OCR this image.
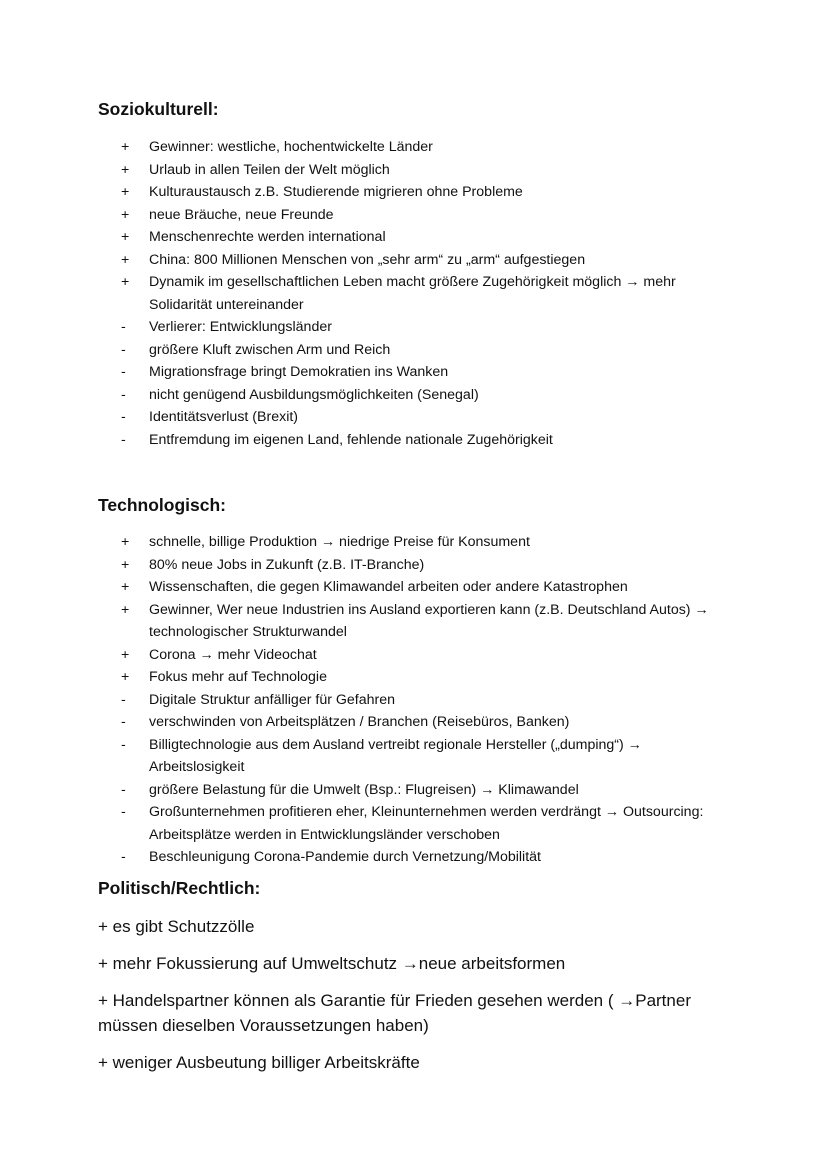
Soziokulturell:
+	Gewinner: westliche, hochentwickelte Länder
+	Urlaub in allen Teilen der Welt möglich
+	Kulturaustausch z.B. Studierende migrieren ohne Probleme
+	neue Bräuche, neue Freunde
+	Menschenrechte werden international
+	China: 800 Millionen Menschen von „sehr arm“ zu „arm“ aufgestiegen
+	Dynamik im gesellschaftlichen Leben macht größere Zugehörigkeit möglich → mehr Solidarität untereinander
-	Verlierer: Entwicklungsländer
-	größere Kluft zwischen Arm und Reich
-	Migrationsfrage bringt Demokratien ins Wanken
-	nicht genügend Ausbildungsmöglichkeiten (Senegal)
-	Identitätsverlust (Brexit)
-	Entfremdung im eigenen Land, fehlende nationale Zugehörigkeit
Technologisch:
+	schnelle, billige Produktion → niedrige Preise für Konsument
+	80% neue Jobs in Zukunft (z.B. IT-Branche)
+	Wissenschaften, die gegen Klimawandel arbeiten oder andere Katastrophen
+	Gewinner, Wer neue Industrien ins Ausland exportieren kann (z.B. Deutschland Autos) → technologischer Strukturwandel
+	Corona → mehr Videochat
+	Fokus mehr auf Technologie
-	Digitale Struktur anfälliger für Gefahren
-	verschwinden von Arbeitsplätzen / Branchen (Reisebüros, Banken)
-	Billigtechnologie aus dem Ausland vertreibt regionale Hersteller („dumping“) → Arbeitslosigkeit
-	größere Belastung für die Umwelt (Bsp.: Flugreisen) → Klimawandel
-	Großunternehmen profitieren eher, Kleinunternehmen werden verdrängt → Outsourcing: Arbeitsplätze werden in Entwicklungsländer verschoben
-	Beschleunigung Corona-Pandemie durch Vernetzung/Mobilität
Politisch/Rechtlich:
+ es gibt Schutzzölle
+ mehr Fokussierung auf Umweltschutz →neue arbeitsformen
+ Handelspartner können als Garantie für Frieden gesehen werden ( →Partner müssen dieselben Voraussetzungen haben)
+ weniger Ausbeutung billiger Arbeitskräfte
